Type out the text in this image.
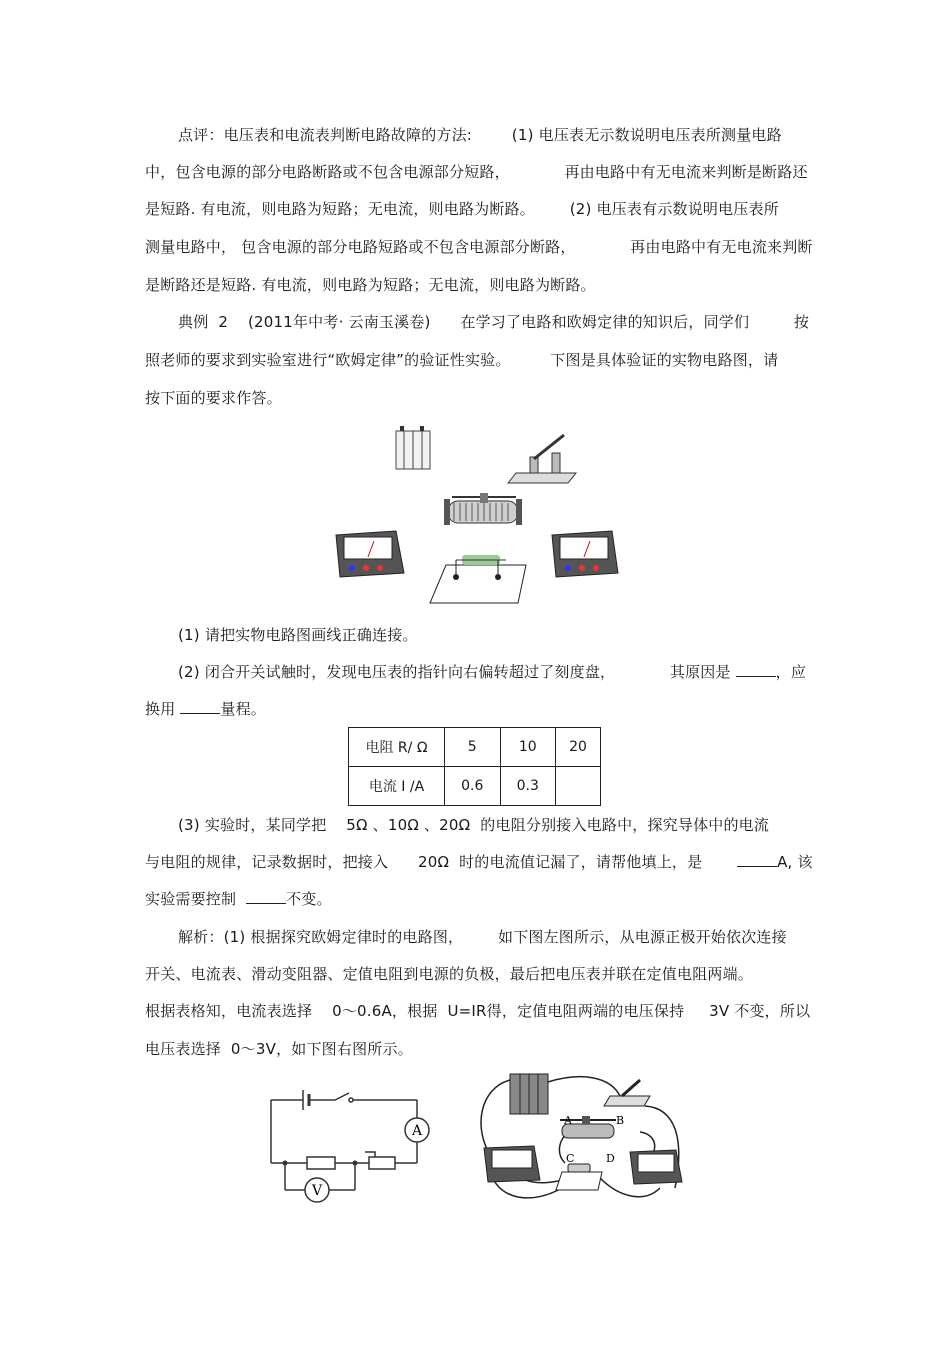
点评：电压表和电流表判断电路故障的方法:        (1) 电压表无示数说明电压表所测量电路
中，包含电源的部分电路断路或不包含电源部分短路，           再由电路中有无电流来判断是断路还
是短路. 有电流，则电路为短路；无电流，则电路为断路。       (2) 电压表有示数说明电压表所
测量电路中， 包含电源的部分电路短路或不包含电源部分断路，           再由电路中有无电流来判断
是断路还是短路. 有电流，则电路为短路；无电流，则电路为断路。
典例  2    (2011年中考· 云南玉溪卷)      在学习了电路和欧姆定律的知识后，同学们         按
照老师的要求到实验室进行“欧姆定律”的验证性实验。        下图是具体验证的实物电路图，请
按下面的要求作答。
(1) 请把实物电路图画线正确连接。
(2) 闭合开关试触时，发现电压表的指针向右偏转超过了刻度盘，           其原因是	，应
换用	量程。
电阻 R/ Ω	5	10	20
电流 I /A	0.6	0.3	
(3) 实验时，某同学把    5Ω 、10Ω 、20Ω  的电阻分别接入电路中，探究导体中的电流
与电阻的规律，记录数据时，把接入      20Ω  时的电流值记漏了，请帮他填上，是	A, 该
实验需要控制	不变。
解析：(1) 根据探究欧姆定律时的电路图，       如下图左图所示，从电源正极开始依次连接
开关、电流表、滑动变阻器、定值电阻到电源的负极，最后把电压表并联在定值电阻两端。
根据表格知，电流表选择    0～0.6A，根据  U=IR得，定值电阻两端的电压保持     3V 不变，所以
电压表选择  0～3V，如下图右图所示。
A
V
A	B
C	D
